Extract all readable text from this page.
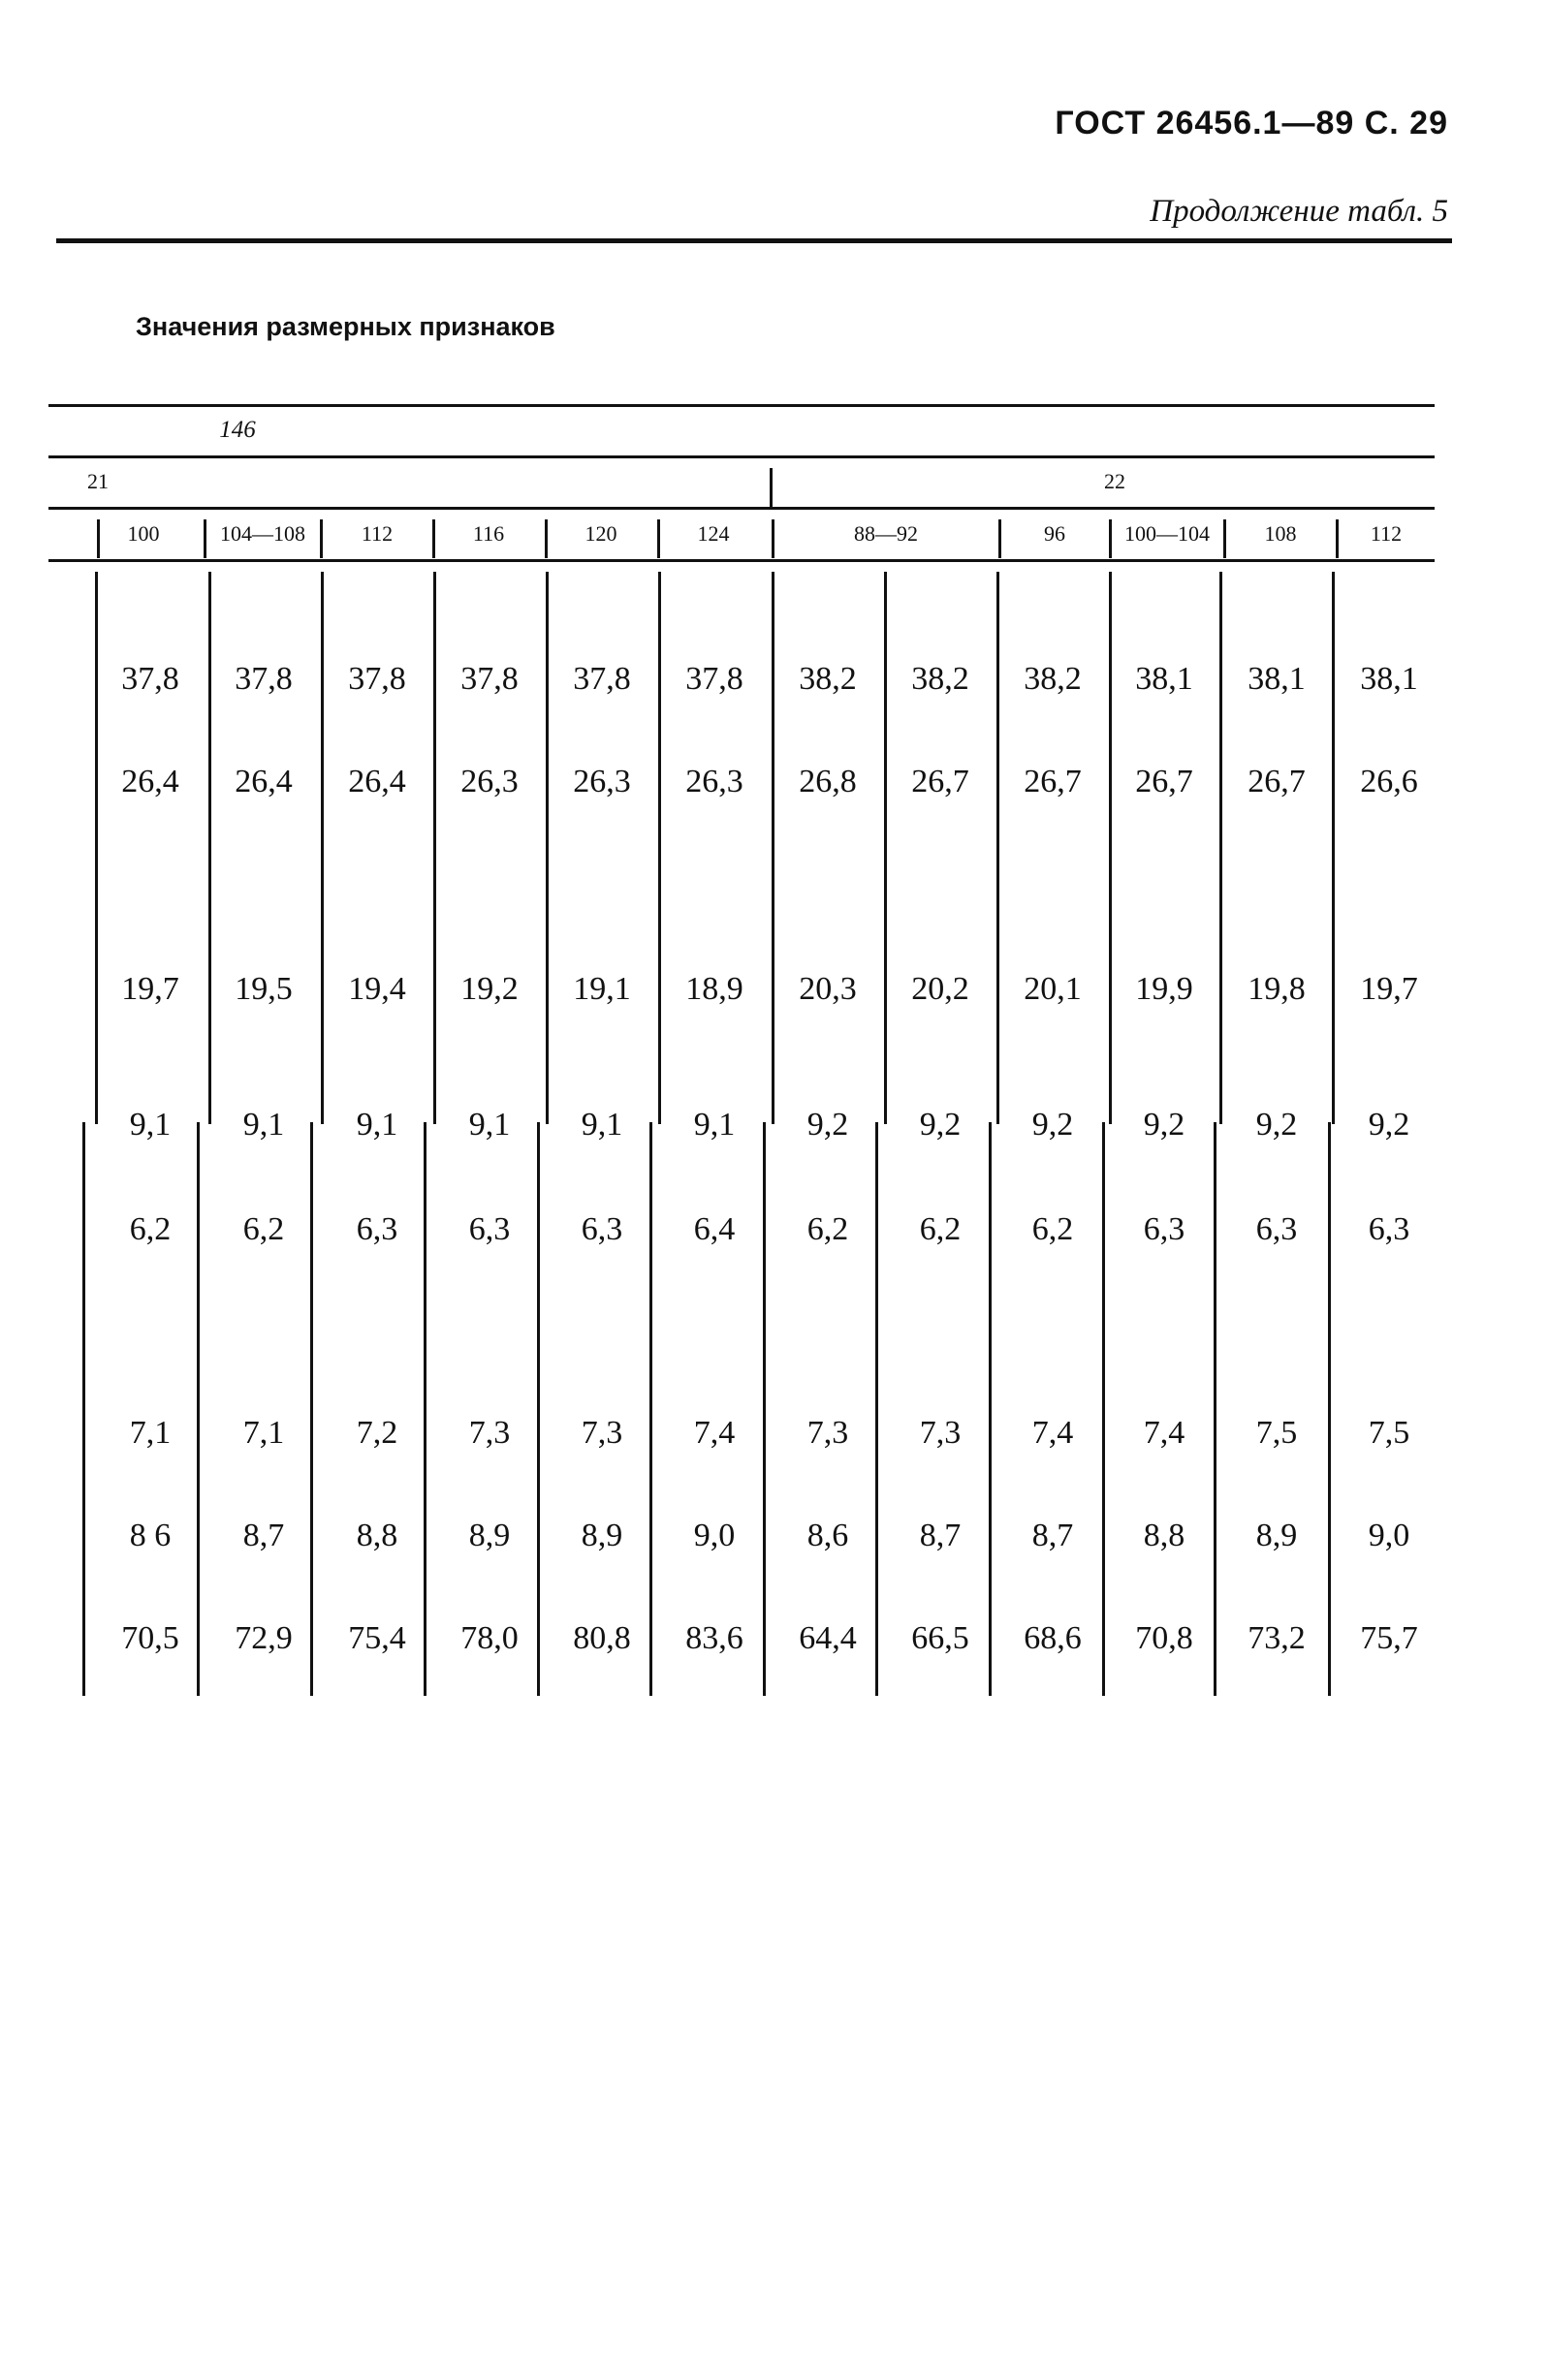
ГОСТ 26456.1—89 С. 29
Продолжение табл. 5
Значения размерных признаков
146
21	22
100	104—108	112	116	120	124	88—92	96	100—104	108	112
37,8	37,8	37,8	37,8	37,8	37,8	38,2	38,2	38,2	38,1	38,1	38,1
26,4	26,4	26,4	26,3	26,3	26,3	26,8	26,7	26,7	26,7	26,7	26,6
19,7	19,5	19,4	19,2	19,1	18,9	20,3	20,2	20,1	19,9	19,8	19,7
9,1	9,1	9,1	9,1	9,1	9,1	9,2	9,2	9,2	9,2	9,2	9,2
6,2	6,2	6,3	6,3	6,3	6,4	6,2	6,2	6,2	6,3	6,3	6,3
7,1	7,1	7,2	7,3	7,3	7,4	7,3	7,3	7,4	7,4	7,5	7,5
8 6	8,7	8,8	8,9	8,9	9,0	8,6	8,7	8,7	8,8	8,9	9,0
70,5	72,9	75,4	78,0	80,8	83,6	64,4	66,5	68,6	70,8	73,2	75,7
